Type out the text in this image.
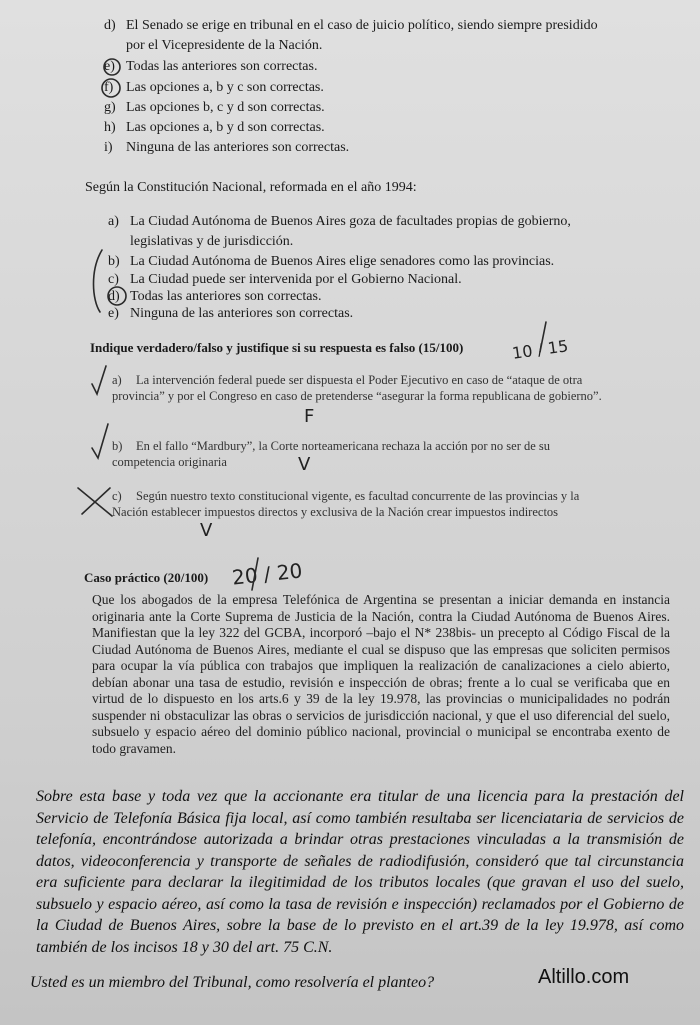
d) El Senado se erige en tribunal en el caso de juicio político, siendo siempre presidido
por el Vicepresidente de la Nación.
e) Todas las anteriores son correctas.
f) Las opciones a, b y c son correctas.
g) Las opciones b, c y d son correctas.
h) Las opciones a, b y d son correctas.
i) Ninguna de las anteriores son correctas.
Según la Constitución Nacional, reformada en el año 1994:
a) La Ciudad Autónoma de Buenos Aires goza de facultades propias de gobierno,
legislativas y de jurisdicción.
b) La Ciudad Autónoma de Buenos Aires elige senadores como las provincias.
c) La Ciudad puede ser intervenida por el Gobierno Nacional.
d) Todas las anteriores son correctas.
e) Ninguna de las anteriores son correctas.
Indique verdadero/falso y justifique si su respuesta es falso (15/100)	10 / 15
a) La intervención federal puede ser dispuesta el Poder Ejecutivo en caso de “ataque de otra provincia” y por el Congreso en caso de pretenderse “asegurar la forma republicana de gobierno”.
F
b) En el fallo “Mardbury”, la Corte norteamericana rechaza la acción por no ser de su competencia originaria	V
c) Según nuestro texto constitucional vigente, es facultad concurrente de las provincias y la Nación establecer impuestos directos y exclusiva de la Nación crear impuestos indirectos
V
Caso práctico (20/100) 20 / 20
Que los abogados de la empresa Telefónica de Argentina se presentan a iniciar demanda en instancia originaria ante la Corte Suprema de Justicia de la Nación, contra la Ciudad Autónoma de Buenos Aires. Manifiestan que la ley 322 del GCBA, incorporó –bajo el N* 238bis- un precepto al Código Fiscal de la Ciudad Autónoma de Buenos Aires, mediante el cual se dispuso que las empresas que soliciten permisos para ocupar la vía pública con trabajos que impliquen la realización de canalizaciones a cielo abierto, debían abonar una tasa de estudio, revisión e inspección de obras; frente a lo cual se verificaba que en virtud de lo dispuesto en los arts.6 y 39 de la ley 19.978, las provincias o municipalidades no podrán suspender ni obstaculizar las obras o servicios de jurisdicción nacional, y que el uso diferencial del suelo, subsuelo y espacio aéreo del dominio público nacional, provincial o municipal se encontraba exento de todo gravamen.
Sobre esta base y toda vez que la accionante era titular de una licencia para la prestación del Servicio de Telefonía Básica fija local, así como también resultaba ser licenciataria de servicios de telefonía, encontrándose autorizada a brindar otras prestaciones vinculadas a la transmisión de datos, videoconferencia y transporte de señales de radiodifusión, consideró que tal circunstancia era suficiente para declarar la ilegitimidad de los tributos locales (que gravan el uso del suelo, subsuelo y espacio aéreo, así como la tasa de revisión e inspección) reclamados por el Gobierno de la Ciudad de Buenos Aires, sobre la base de lo previsto en el art.39 de la ley 19.978, así como también de los incisos 18 y 30 del art. 75 C.N.
Usted es un miembro del Tribunal, como resolvería el planteo?	Altillo.com
